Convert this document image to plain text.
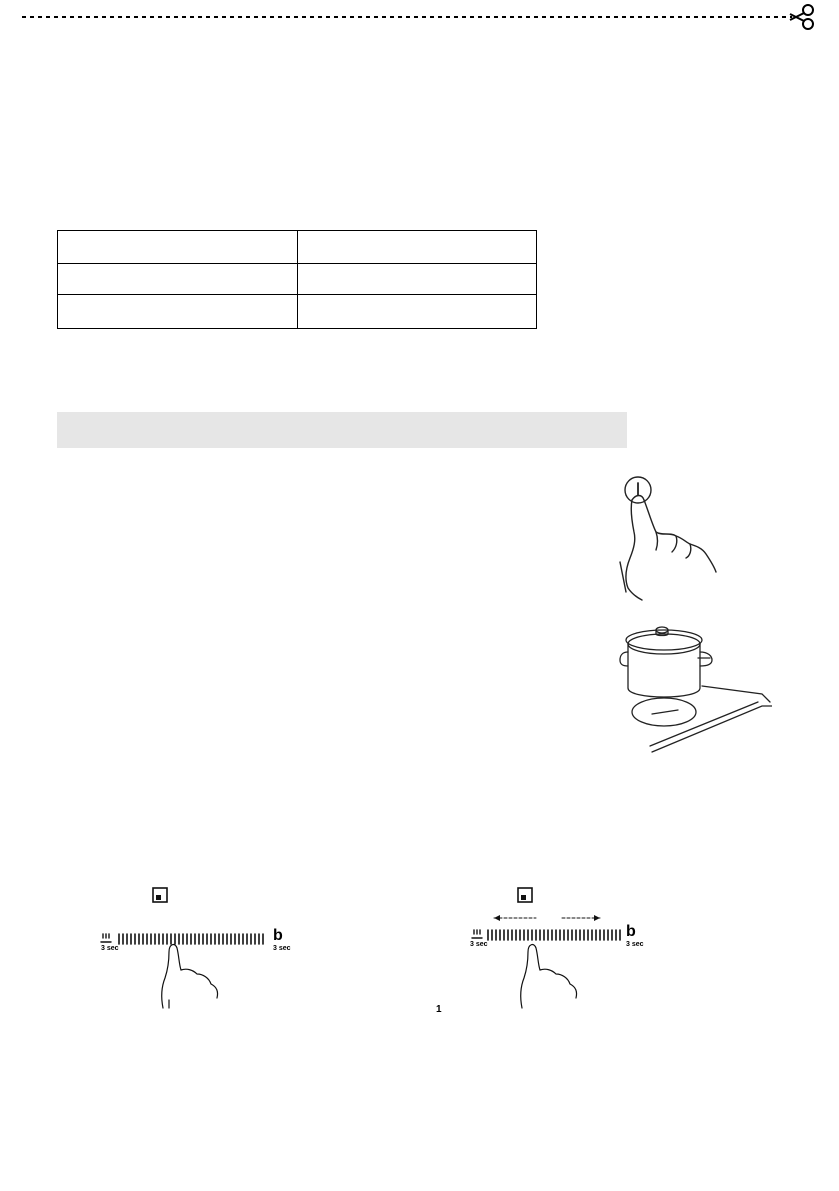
3 sec	3 sec
b
3 sec	3 sec
b
1
